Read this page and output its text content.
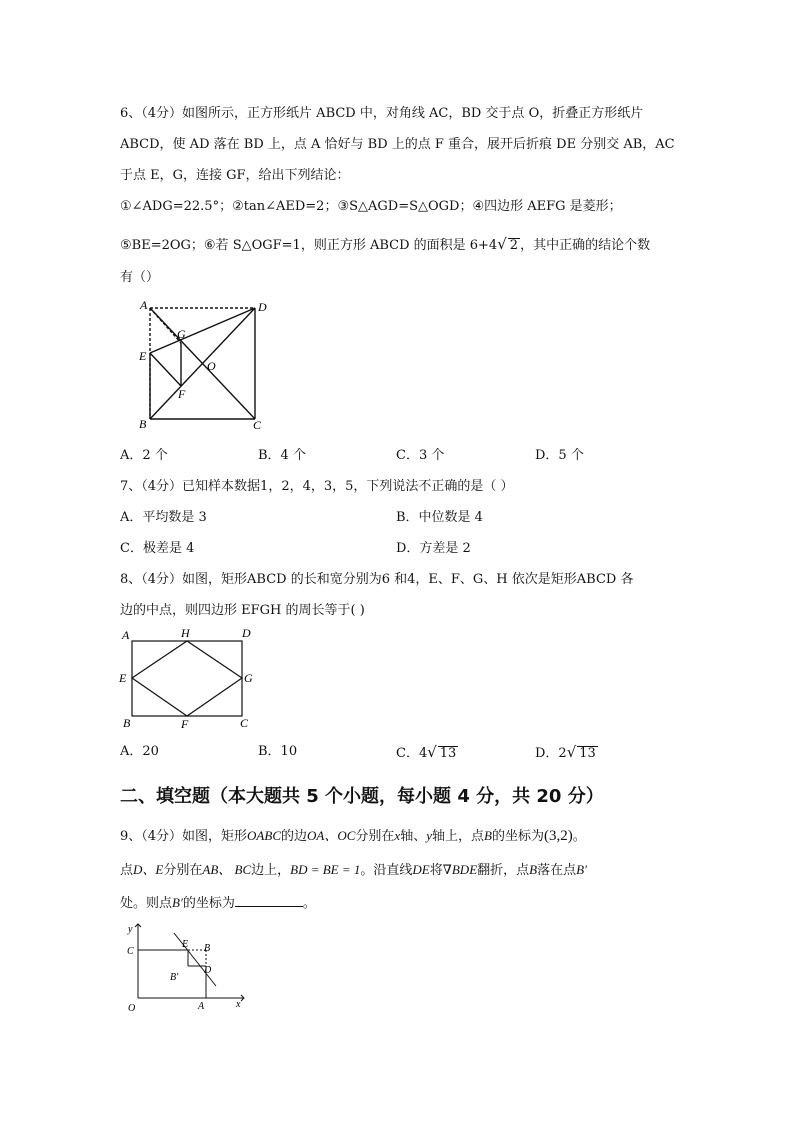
6、（4分）如图所示，正方形纸片 ABCD 中，对角线 AC，BD 交于点 O，折叠正方形纸片
ABCD，使 AD 落在 BD 上，点 A 恰好与 BD 上的点 F 重合，展开后折痕 DE 分别交 AB，AC
于点 E，G，连接 GF，给出下列结论：
①∠ADG=22.5°；②tan∠AED=2；③S△AGD=S△OGD；④四边形 AEFG 是菱形；
⑤BE=2OG；⑥若 S△OGF=1，则正方形 ABCD 的面积是 6+4√ 2 ，其中正确的结论个数
有（）
A	D
G
E
O
F
B	C
A．2 个	B．4 个	C．3 个	D．5 个
7、（4分）已知样本数据1，2，4，3，5，下列说法不正确的是（ ）
A．平均数是 3	B．中位数是 4
C．极差是 4	D．方差是 2
8、（4分）如图，矩形ABCD 的长和宽分别为6 和4，E、F、G、H 依次是矩形ABCD 各
边的中点，则四边形 EFGH 的周长等于( )
A	H	D
E	G
B	F	C
A．20	B．10	C．4√ 13	D．2√ 13
二、填空题（本大题共 5 个小题，每小题 4 分，共 20 分）
9、（4分）如图，矩形OABC的边OA、OC分别在x轴、y轴上，点B的坐标为(3,2)。
点D、E分别在AB、 BC边上，BD = BE = 1。沿直线DE将∇BDE翻折，点B落在点B′
处。则点B′的坐标为	。
y
C
E B
B'
D
O	A	x
